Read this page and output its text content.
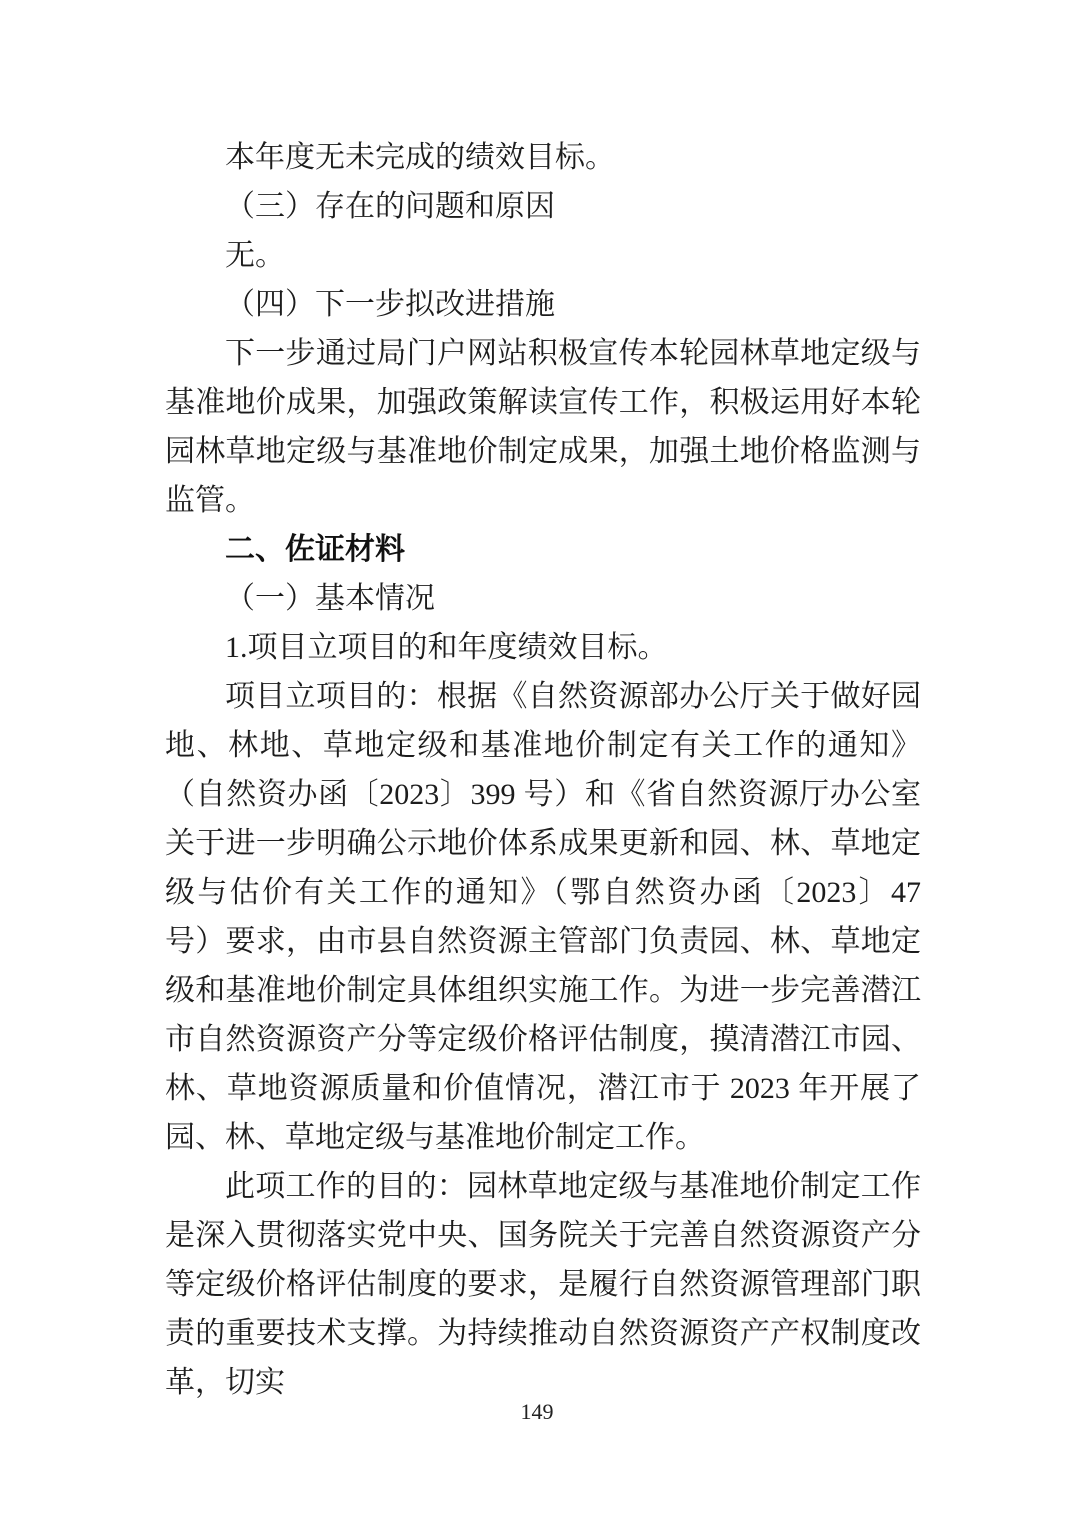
本年度无未完成的绩效目标。

（三）存在的问题和原因

无。

（四）下一步拟改进措施

下一步通过局门户网站积极宣传本轮园林草地定级与基准地价成果，加强政策解读宣传工作，积极运用好本轮园林草地定级与基准地价制定成果，加强土地价格监测与监管。

二、佐证材料

（一）基本情况

1.项目立项目的和年度绩效目标。

项目立项目的：根据《自然资源部办公厅关于做好园地、林地、草地定级和基准地价制定有关工作的通知》（自然资办函〔2023〕399 号）和《省自然资源厅办公室关于进一步明确公示地价体系成果更新和园、林、草地定级与估价有关工作的通知》（鄂自然资办函〔2023〕47 号）要求，由市县自然资源主管部门负责园、林、草地定级和基准地价制定具体组织实施工作。为进一步完善潜江市自然资源资产分等定级价格评估制度，摸清潜江市园、林、草地资源质量和价值情况，潜江市于 2023 年开展了园、林、草地定级与基准地价制定工作。

此项工作的目的：园林草地定级与基准地价制定工作是深入贯彻落实党中央、国务院关于完善自然资源资产分等定级价格评估制度的要求，是履行自然资源管理部门职责的重要技术支撑。为持续推动自然资源资产产权制度改革，切实

149
